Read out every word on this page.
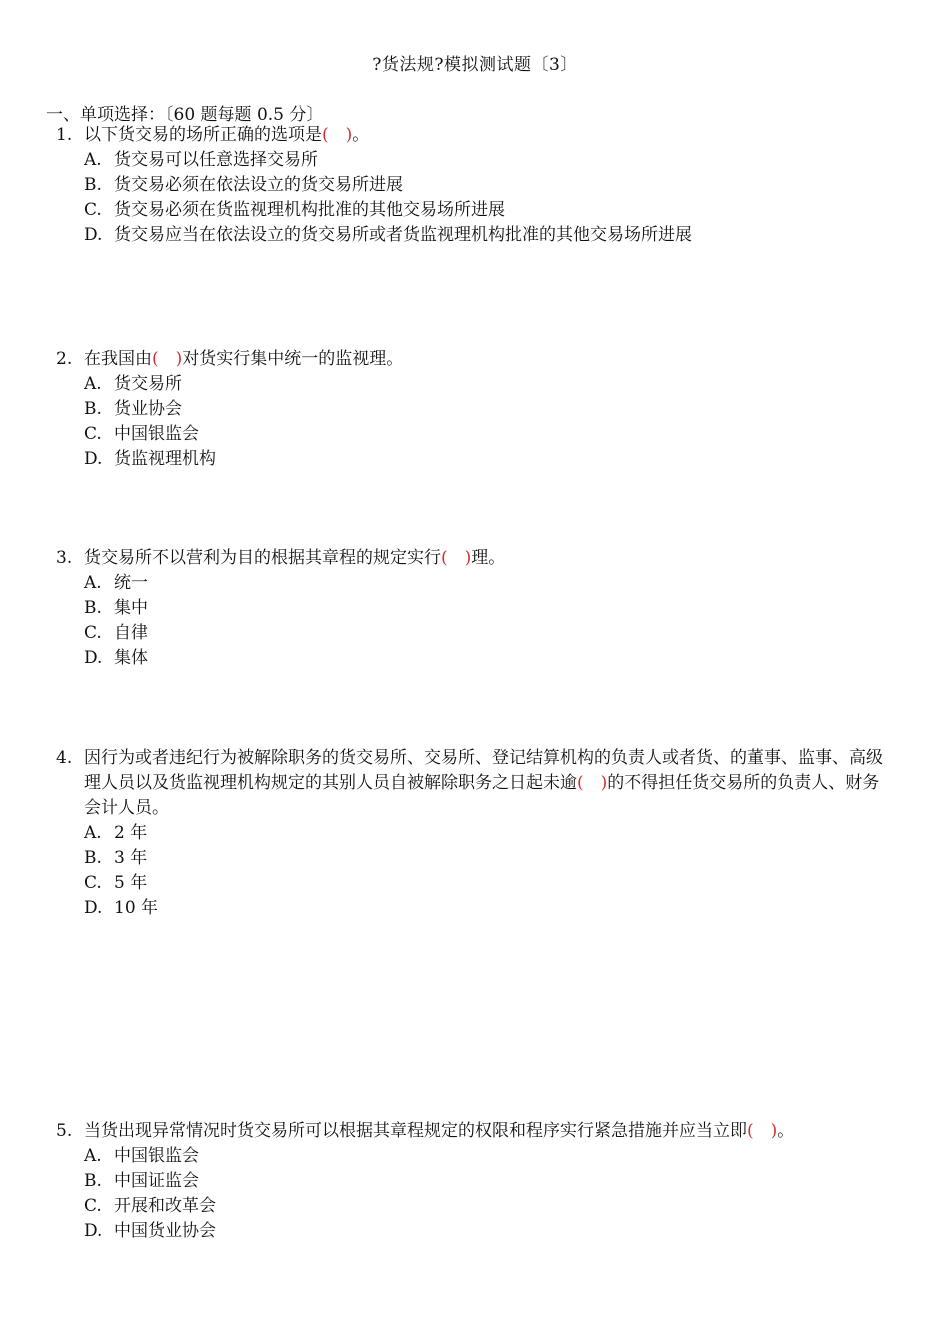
?货法规?模拟测试题〔3〕
一、单项选择：〔60 题每题 0.5 分〕
1. 以下货交易的场所正确的选项是(　)。
A. 货交易可以任意选择交易所
B. 货交易必须在依法设立的货交易所进展
C. 货交易必须在货监视理机构批准的其他交易场所进展
D. 货交易应当在依法设立的货交易所或者货监视理机构批准的其他交易场所进展
2. 在我国由(　)对货实行集中统一的监视理。
A. 货交易所
B. 货业协会
C. 中国银监会
D. 货监视理机构
3. 货交易所不以营利为目的根据其章程的规定实行(　)理。
A. 统一
B. 集中
C. 自律
D. 集体
4. 因行为或者违纪行为被解除职务的货交易所、交易所、登记结算机构的负责人或者货、的董事、监事、高级理人员以及货监视理机构规定的其别人员自被解除职务之日起未逾(　)的不得担任货交易所的负责人、财务会计人员。
A. 2 年
B. 3 年
C. 5 年
D. 10 年
5. 当货出现异常情况时货交易所可以根据其章程规定的权限和程序实行紧急措施并应当立即(　)。
A. 中国银监会
B. 中国证监会
C. 开展和改革会
D. 中国货业协会
